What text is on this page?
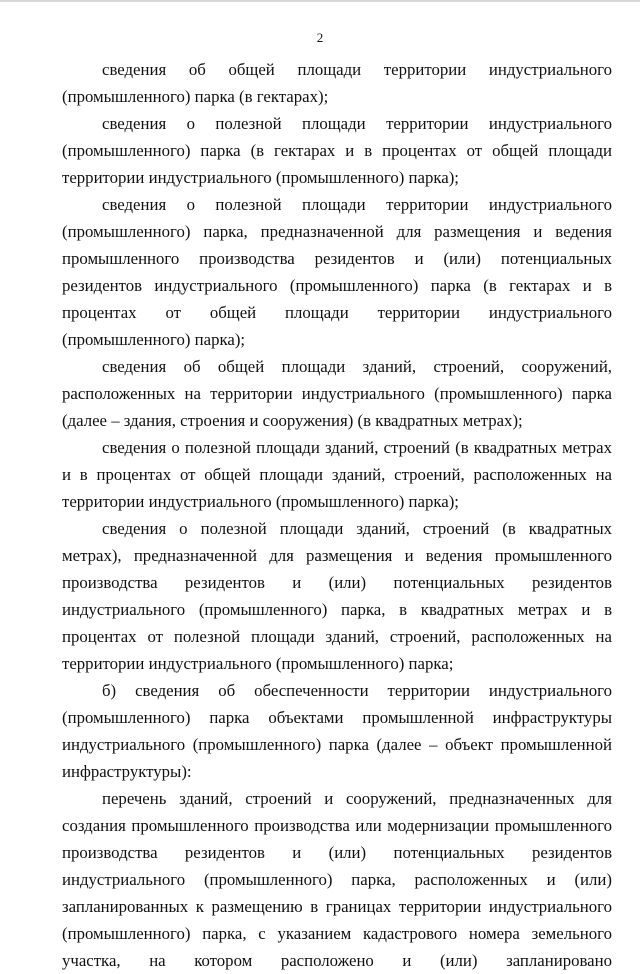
2

сведения об общей площади территории индустриального (промышленного) парка (в гектарах);

сведения о полезной площади территории индустриального (промышленного) парка (в гектарах и в процентах от общей площади территории индустриального (промышленного) парка);

сведения о полезной площади территории индустриального (промышленного) парка, предназначенной для размещения и ведения промышленного производства резидентов и (или) потенциальных резидентов индустриального (промышленного) парка (в гектарах и в процентах от общей площади территории индустриального (промышленного) парка);

сведения об общей площади зданий, строений, сооружений, расположенных на территории индустриального (промышленного) парка (далее – здания, строения и сооружения) (в квадратных метрах);

сведения о полезной площади зданий, строений (в квадратных метрах и в процентах от общей площади зданий, строений, расположенных на территории индустриального (промышленного) парка);

сведения о полезной площади зданий, строений (в квадратных метрах), предназначенной для размещения и ведения промышленного производства резидентов и (или) потенциальных резидентов индустриального (промышленного) парка, в квадратных метрах и в процентах от полезной площади зданий, строений, расположенных на территории индустриального (промышленного) парка;

б) сведения об обеспеченности территории индустриального (промышленного) парка объектами промышленной инфраструктуры индустриального (промышленного) парка (далее – объект промышленной инфраструктуры):

перечень зданий, строений и сооружений, предназначенных для создания промышленного производства или модернизации промышленного производства резидентов и (или) потенциальных резидентов индустриального (промышленного) парка, расположенных и (или) запланированных к размещению в границах территории индустриального (промышленного) парка, с указанием кадастрового номера земельного участка, на котором расположено и (или) запланировано
